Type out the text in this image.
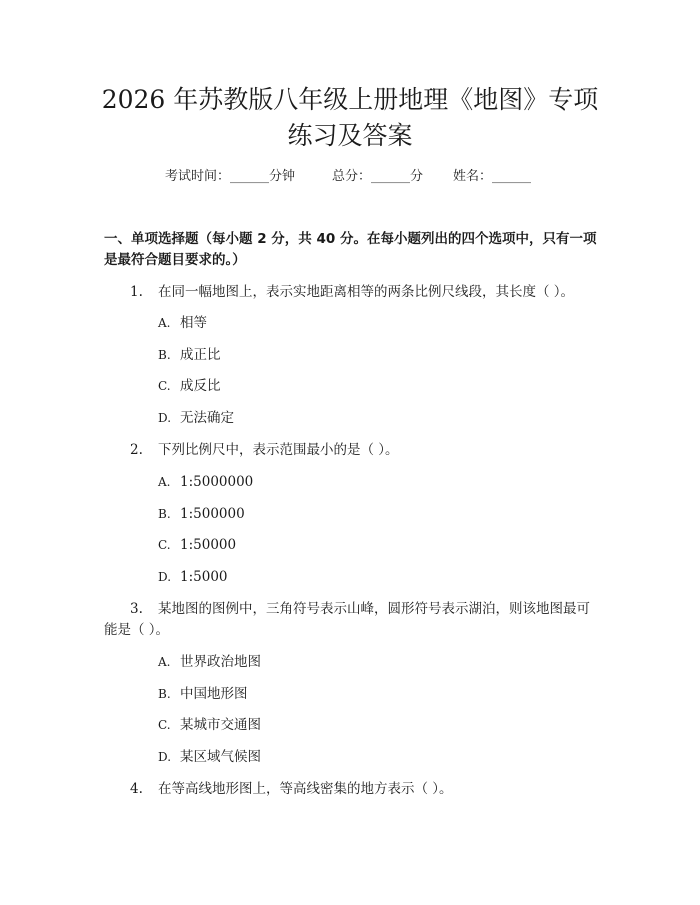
2026 年苏教版八年级上册地理《地图》专项
练习及答案
考试时间：______分钟	总分：______分 姓名：______
一、单项选择题（每小题 2 分，共 40 分。在每小题列出的四个选项中，只有一项
是最符合题目要求的。）
1. 在同一幅地图上，表示实地距离相等的两条比例尺线段，其长度（ ）。
A. 相等
B. 成正比
C. 成反比
D. 无法确定
2. 下列比例尺中，表示范围最小的是（ ）。
A. 1:5000000
B. 1:500000
C. 1:50000
D. 1:5000
3. 某地图的图例中，三角符号表示山峰，圆形符号表示湖泊，则该地图最可
能是（ ）。
A. 世界政治地图
B. 中国地形图
C. 某城市交通图
D. 某区域气候图
4. 在等高线地形图上，等高线密集的地方表示（ ）。
